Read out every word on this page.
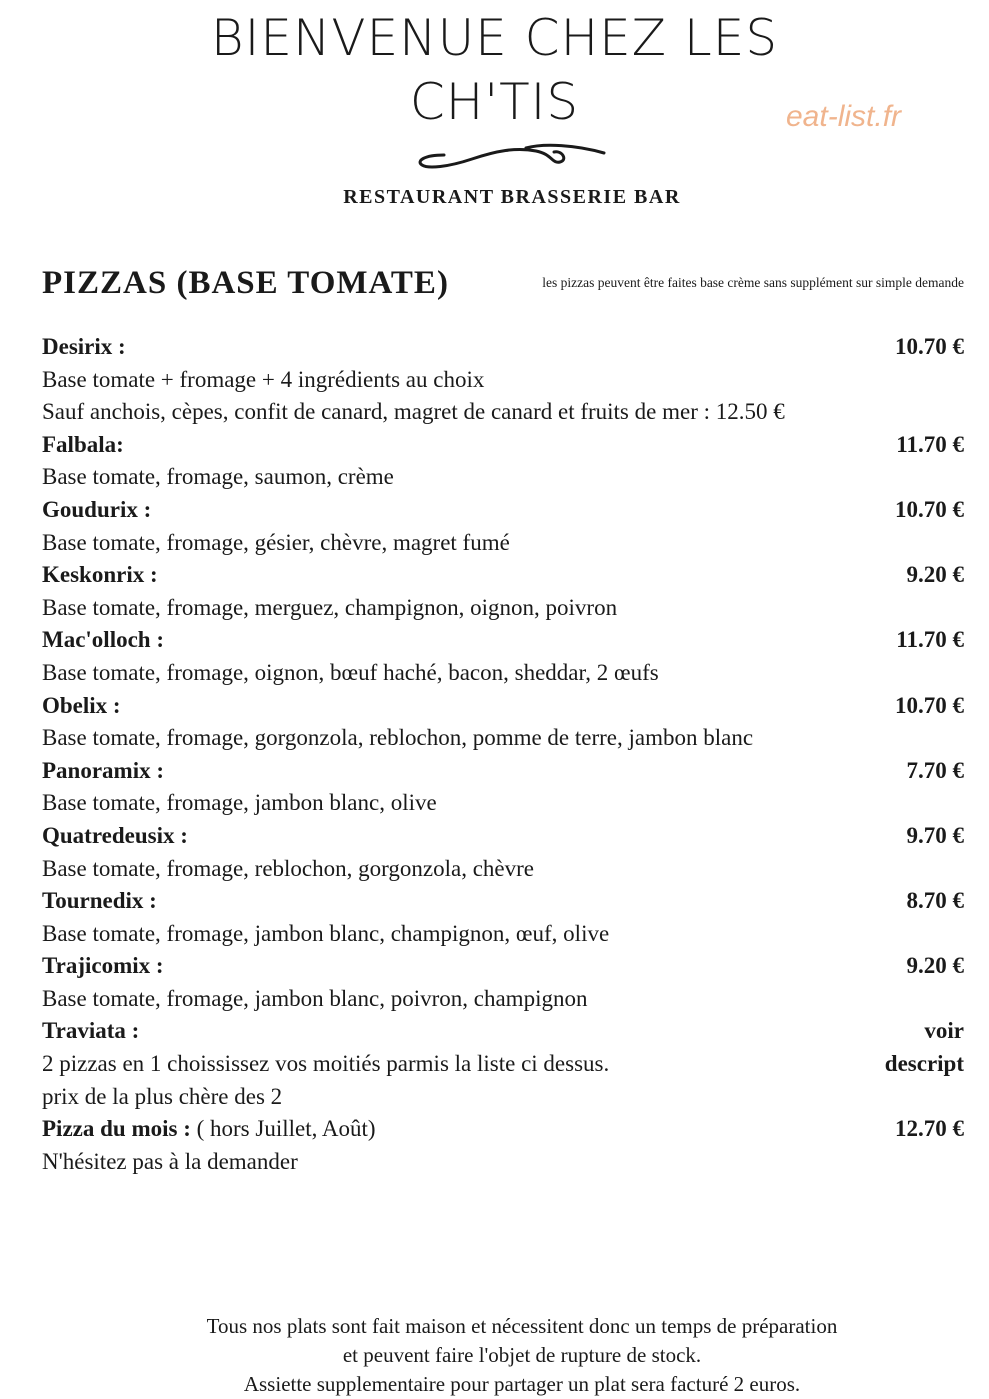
BIENVENUE CHEZ LES
CH'TIS	eat-list.fr
RESTAURANT BRASSERIE BAR
PIZZAS (BASE TOMATE)	les pizzas peuvent être faites base crème sans supplément sur simple demande
Desirix :	10.70 €
Base tomate + fromage + 4 ingrédients au choix
Sauf anchois, cèpes, confit de canard, magret de canard et fruits de mer : 12.50 €
Falbala:	11.70 €
Base tomate, fromage, saumon, crème
Goudurix :	10.70 €
Base tomate, fromage, gésier, chèvre, magret fumé
Keskonrix :	9.20 €
Base tomate, fromage, merguez, champignon, oignon, poivron
Mac'olloch :	11.70 €
Base tomate, fromage, oignon, bœuf haché, bacon, sheddar, 2 œufs
Obelix :	10.70 €
Base tomate, fromage, gorgonzola, reblochon, pomme de terre, jambon blanc
Panoramix :	7.70 €
Base tomate, fromage, jambon blanc, olive
Quatredeusix :	9.70 €
Base tomate, fromage, reblochon, gorgonzola, chèvre
Tournedix :	8.70 €
Base tomate, fromage, jambon blanc, champignon, œuf, olive
Trajicomix :	9.20 €
Base tomate, fromage, jambon blanc, poivron, champignon
Traviata :	voir
2 pizzas en 1 choississez vos moitiés parmis la liste ci dessus.	descript
prix de la plus chère des 2
Pizza du mois : ( hors Juillet, Août)	12.70 €
N'hésitez pas à la demander
Tous nos plats sont fait maison et nécessitent donc un temps de préparation
et peuvent faire l'objet de rupture de stock.
Assiette supplementaire pour partager un plat sera facturé 2 euros.
